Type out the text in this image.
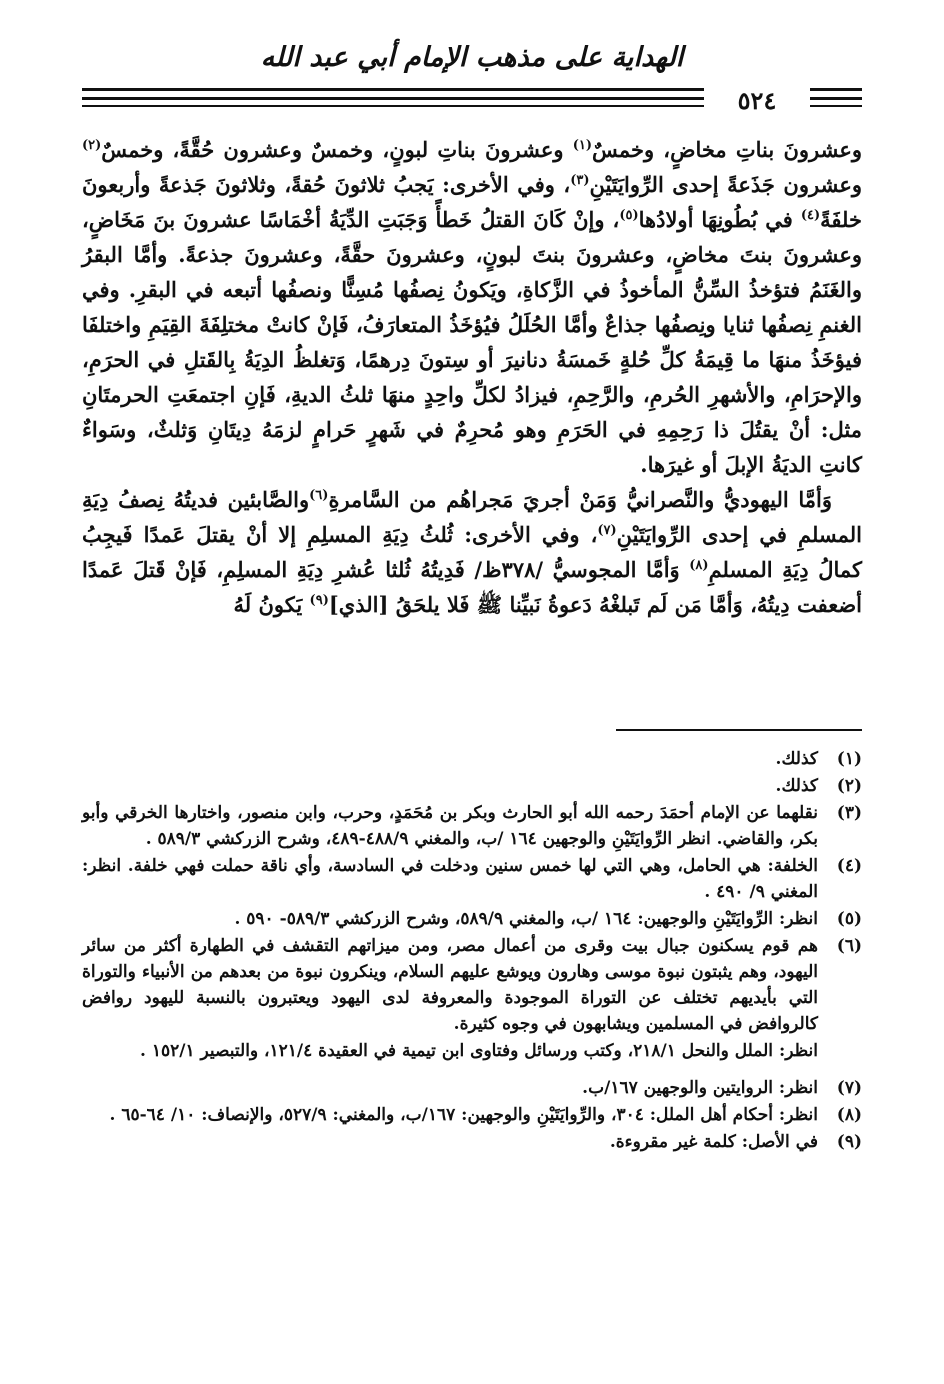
الهداية على مذهب الإمام أبي عبد الله
٥٢٤

وعشرونَ بناتِ مخاضٍ، وخمسٌ$^{(١)}$ وعشرونَ بناتِ لبونٍ، وخمسٌ وعشرون حُقَّةً، وخمسٌ$^{(٢)}$ وعشرون جَذَعةً إحدى الرِّوايَتَيْنِ$^{(٣)}$، وفي الأخرى: يَجبُ ثلاثونَ حُقةً، وثلاثونَ جَذعةً وأربعونَ خلفَةً$^{(٤)}$ في بُطُونِهَا أولادُها$^{(٥)}$، وإنْ كَانَ القتلُ خَطأً وَجَبَتِ الدِّيَةُ أخْمَاسًا عشرونَ بنَ مَخَاضٍ، وعشرونَ بنتَ مخاضٍ، وعشرونَ بنتَ لبونٍ، وعشرونَ حقَّةً، وعشرونَ جذعةً. وأمَّا البقرُ والغَنَمُ فتؤخذُ السِّنُّ المأخوذُ في الزَّكاةِ، ويَكونُ نِصفُها مُسِنًّا ونصفُها أتبعه في البقرِ. وفي الغنمِ نِصفُها ثنايا ونِصفُها جذاعٌ وأمَّا الحُلَلُ فيُؤخَذُ المتعارَفُ، فَإنْ كانتْ مختلِفَةَ القِيَمِ واختلفَا فيؤخَذُ منهَا ما قِيمَةُ كلِّ حُلةٍ خَمسَةُ دنانيرَ أو سِتونَ دِرهمًا، وَتغلظُ الدِيَةُ بِالقَتلِ في الحرَمِ، والإحرَامِ، والأشهرِ الحُرمِ، والرَّحِمِ، فيزادُ لكلِّ واحِدٍ منهَا ثلثُ الديةِ، فَإنِ اجتمعَتِ الحرمتَانِ مثل: أنْ يقتُلَ ذا رَحِمِهِ في الحَرَمِ وهو مُحرِمٌ في شَهرٍ حَرامٍ لزمَهُ دِيتَانِ وَثلثٌ، وسَواءٌ كانتِ الديَةُ الإبلَ أو غيرَها.

وَأمَّا اليهوديُّ والنَّصرانيُّ وَمَنْ أجريَ مَجراهُم من السَّامرةِ$^{(٦)}$والصَّابئين فديتُهُ نِصفُ دِيَةِ المسلمِ في إحدى الرِّوايَتَيْنِ$^{(٧)}$، وفي الأخرى: ثُلثُ دِيَةِ المسلِمِ إلا أنْ يقتلَ عَمدًا فَيجِبُ كمالُ دِيَةِ المسلمِ$^{(٨)}$ وَأمَّا المجوسيُّ /٣٧٨ظ/ فَدِيتُهُ ثُلثا عُشرِ دِيَةِ المسلِمِ، فَإنْ قَتلَ عَمدًا أضعفت دِيتُهُ، وَأمَّا مَن لَم تَبلغْهُ دَعوةُ نَبيِّنا ﷺ فَلا يلحَقُ [الذي]$^{(٩)}$ يَكونُ لَهُ

(١)
كذلك.
(٢)
كذلك.
(٣)
نقلهما عن الإمام أحمَدَ رحمه الله أبو الحارث وبكر بن مُحَمَدٍ، وحرب، وابن منصور، واختارها الخرقي وأبو بكر، والقاضي. انظر الرِّوايَتَيْنِ والوجهين ١٦٤ /ب، والمغني ٤٨٨/٩-٤٨٩، وشرح الزركشي ٥٨٩/٣ .
(٤)
الخلفة: هي الحامل، وهي التي لها خمس سنين ودخلت في السادسة، وأي ناقة حملت فهي خلفة. انظر: المغني ٩/ ٤٩٠ .
(٥)
انظر: الرِّوايَتَيْنِ والوجهين: ١٦٤ /ب، والمغني ٥٨٩/٩، وشرح الزركشي ٥٨٩/٣- ٥٩٠ .
(٦)
هم قوم يسكنون جبال بيت وقرى من أعمال مصر، ومن ميزاتهم التقشف في الطهارة أكثر من سائر اليهود، وهم يثبتون نبوة موسى وهارون ويوشع عليهم السلام، وينكرون نبوة من بعدهم من الأنبياء والتوراة التي بأيديهم تختلف عن التوراة الموجودة والمعروفة لدى اليهود ويعتبرون بالنسبة لليهود روافض كالروافض في المسلمين ويشابهون في وجوه كثيرة.
انظر: الملل والنحل ٢١٨/١، وكتب ورسائل وفتاوى ابن تيمية في العقيدة ١٢١/٤، والتبصير ١٥٢/١ .
(٧)
انظر: الروايتين والوجهين ١٦٧/ب.
(٨)
انظر: أحكام أهل الملل: ٣٠٤، والرِّوايَتَيْنِ والوجهين: ١٦٧/ب، والمغني: ٥٢٧/٩، والإنصاف: ١٠/ ٦٤-٦٥ .
(٩)
في الأصل: كلمة غير مقروءة.
